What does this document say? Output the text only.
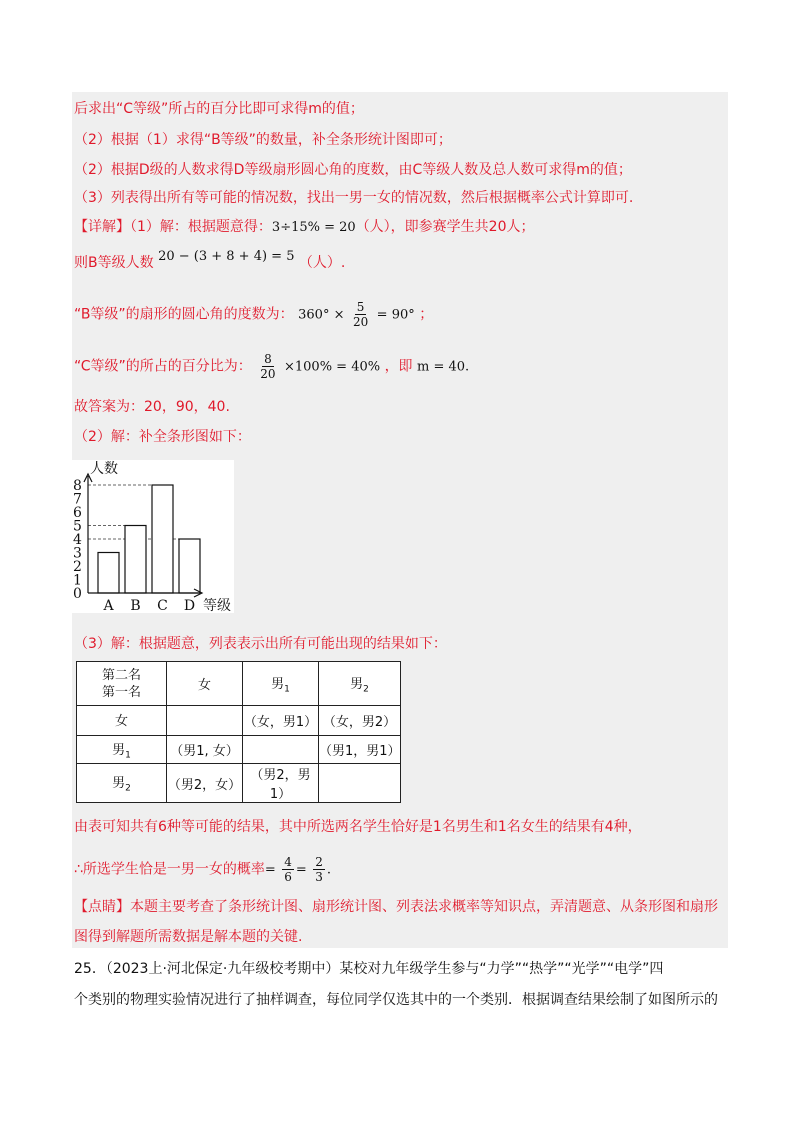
后求出“C等级”所占的百分比即可求得m的值；
（2）根据（1）求得“B等级”的数量，补全条形统计图即可；
（2）根据D级的人数求得D等级扇形圆心角的度数，由C等级人数及总人数可求得m的值；
（3）列表得出所有等可能的情况数，找出一男一女的情况数，然后根据概率公式计算即可.
【详解】（1）解：根据题意得：3÷15% = 20（人），即参赛学生共20人；
则B等级人数 20 − (3 + 8 + 4) = 5 （人）.
“B等级”的扇形的圆心角的度数为： $360^\circ \times \frac{5}{20} = 90^\circ$ ；
“C等级”的所占的百分比为： $\frac{8}{20} \times 100\% = 40\%$ ，即 m = 40.
故答案为：20，90，40.
（2）解：补全条形图如下：
0
1
2
3
4
5
6
7
8
A B C D
人数
等级
（3）解：根据题意，列表表示出所有可能出现的结果如下：
第二名
第一名	女	男$_1$	男$_2$
女		（女，男1）	（女，男2）
男$_1$	（男1, 女）		（男1，男1）
男$_2$	（男2，女）	（男2，男1）	
由表可知共有6种等可能的结果，其中所选两名学生恰好是1名男生和1名女生的结果有4种，
∴所选学生恰是一男一女的概率= $\frac{4}{6} = \frac{2}{3}$ .
【点睛】本题主要考查了条形统计图、扇形统计图、列表法求概率等知识点，弄清题意、从条形图和扇形
图得到解题所需数据是解本题的关键.
25．（2023上·河北保定·九年级校考期中）某校对九年级学生参与“力学”“热学”“光学”“电学”四
个类别的物理实验情况进行了抽样调查，每位同学仅选其中的一个类别．根据调查结果绘制了如图所示的
